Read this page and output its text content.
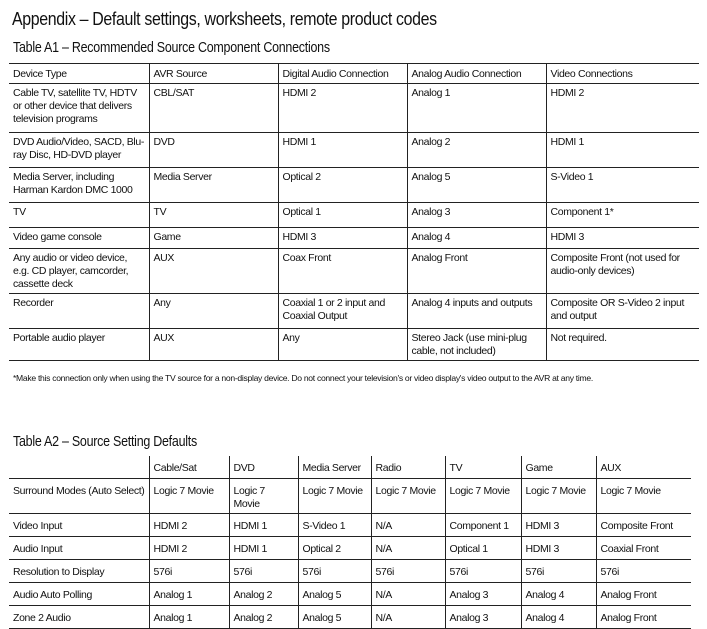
Appendix – Default settings, worksheets, remote product codes
Table A1 – Recommended Source Component Connections
Device Type	AVR Source	Digital Audio Connection	Analog Audio Connection	Video Connections
Cable TV, satellite TV, HDTV or other device that delivers television programs	CBL/SAT	HDMI 2	Analog 1	HDMI 2
DVD Audio/Video, SACD, Blu-ray Disc, HD-DVD player	DVD	HDMI 1	Analog 2	HDMI 1
Media Server, including Harman Kardon DMC 1000	Media Server	Optical 2	Analog 5	S-Video 1
TV	TV	Optical 1	Analog 3	Component 1*
Video game console	Game	HDMI 3	Analog 4	HDMI 3
Any audio or video device, e.g. CD player, camcorder, cassette deck	AUX	Coax Front	Analog Front	Composite Front (not used for audio-only devices)
Recorder	Any	Coaxial 1 or 2 input and Coaxial Output	Analog 4 inputs and outputs	Composite OR S-Video 2 input and output
Portable audio player	AUX	Any	Stereo Jack (use mini-plug cable, not included)	Not required.
*Make this connection only when using the TV source for a non-display device. Do not connect your television's or video display's video output to the AVR at any time.
Table A2 – Source Setting Defaults
	Cable/Sat	DVD	Media Server	Radio	TV	Game	AUX
Surround Modes (Auto Select)	Logic 7 Movie	Logic 7 Movie	Logic 7 Movie	Logic 7 Movie	Logic 7 Movie	Logic 7 Movie	Logic 7 Movie
Video Input	HDMI 2	HDMI 1	S-Video 1	N/A	Component 1	HDMI 3	Composite Front
Audio Input	HDMI 2	HDMI 1	Optical 2	N/A	Optical 1	HDMI 3	Coaxial Front
Resolution to Display	576i	576i	576i	576i	576i	576i	576i
Audio Auto Polling	Analog 1	Analog 2	Analog 5	N/A	Analog 3	Analog 4	Analog Front
Zone 2 Audio	Analog 1	Analog 2	Analog 5	N/A	Analog 3	Analog 4	Analog Front
